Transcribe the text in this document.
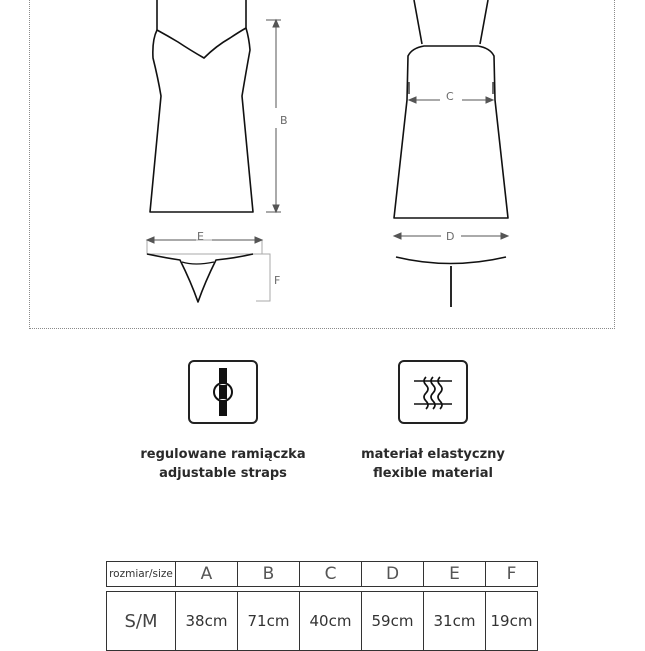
B
E
F
C
D
regulowane ramiączka
adjustable straps
materiał elastyczny
flexible material
rozmiar/size	A	B	C	D	E	F

S/M	38cm	71cm	40cm	59cm	31cm	19cm
